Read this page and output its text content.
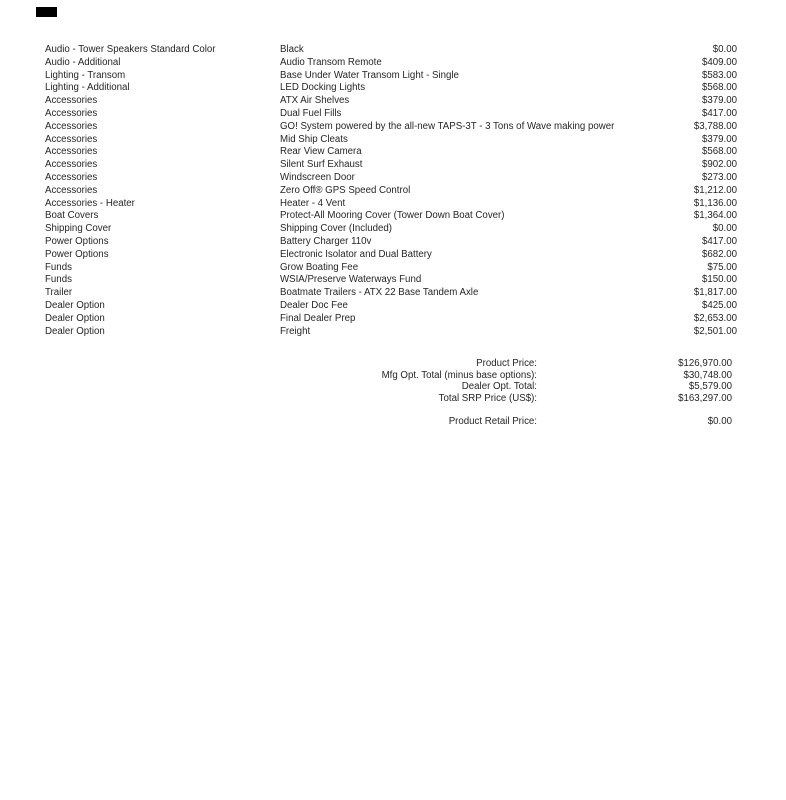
Audio - Tower Speakers Standard Color	Black	$0.00
Audio - Additional	Audio Transom Remote	$409.00
Lighting - Transom	Base Under Water Transom Light - Single	$583.00
Lighting - Additional	LED Docking Lights	$568.00
Accessories	ATX Air Shelves	$379.00
Accessories	Dual Fuel Fills	$417.00
Accessories	GO! System powered by the all-new TAPS-3T - 3 Tons of Wave making power	$3,788.00
Accessories	Mid Ship Cleats	$379.00
Accessories	Rear View Camera	$568.00
Accessories	Silent Surf Exhaust	$902.00
Accessories	Windscreen Door	$273.00
Accessories	Zero Off® GPS Speed Control	$1,212.00
Accessories - Heater	Heater - 4 Vent	$1,136.00
Boat Covers	Protect-All Mooring Cover (Tower Down Boat Cover)	$1,364.00
Shipping Cover	Shipping Cover (Included)	$0.00
Power Options	Battery Charger 110v	$417.00
Power Options	Electronic Isolator and Dual Battery	$682.00
Funds	Grow Boating Fee	$75.00
Funds	WSIA/Preserve Waterways Fund	$150.00
Trailer	Boatmate Trailers - ATX 22 Base Tandem Axle	$1,817.00
Dealer Option	Dealer Doc Fee	$425.00
Dealer Option	Final Dealer Prep	$2,653.00
Dealer Option	Freight	$2,501.00
Product Price:	$126,970.00
Mfg Opt. Total (minus base options):	$30,748.00
Dealer Opt. Total:	$5,579.00
Total SRP Price (US$):	$163,297.00
Product Retail Price:	$0.00
